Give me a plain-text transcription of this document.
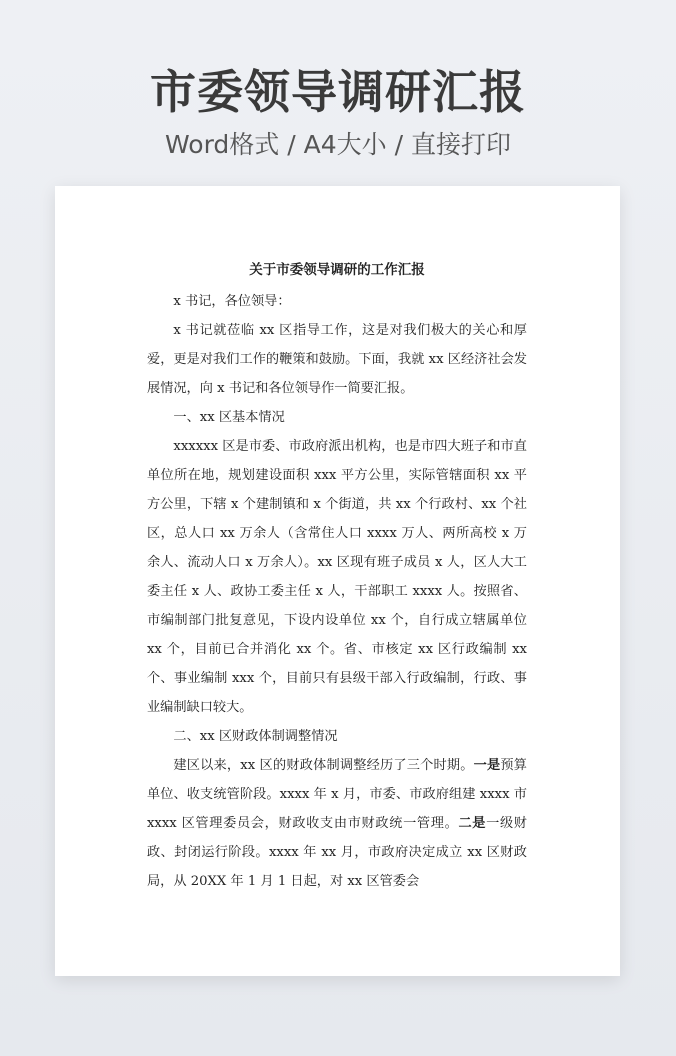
市委领导调研汇报
Word格式 / A4大小 / 直接打印
关于市委领导调研的工作汇报

x 书记，各位领导：

x 书记就莅临 xx 区指导工作，这是对我们极大的关心和厚爱，更是对我们工作的鞭策和鼓励。下面，我就 xx 区经济社会发展情况，向 x 书记和各位领导作一简要汇报。

一、xx 区基本情况

xxxxxx 区是市委、市政府派出机构，也是市四大班子和市直单位所在地，规划建设面积 xxx 平方公里，实际管辖面积 xx 平方公里，下辖 x 个建制镇和 x 个街道，共 xx 个行政村、xx 个社区，总人口 xx 万余人（含常住人口 xxxx 万人、两所高校 x 万余人、流动人口 x 万余人）。xx 区现有班子成员 x 人，区人大工委主任 x 人、政协工委主任 x 人，干部职工 xxxx 人。按照省、市编制部门批复意见，下设内设单位 xx 个，自行成立辖属单位 xx 个，目前已合并消化 xx 个。省、市核定 xx 区行政编制 xx 个、事业编制 xxx 个，目前只有县级干部入行政编制，行政、事业编制缺口较大。

二、xx 区财政体制调整情况

建区以来，xx 区的财政体制调整经历了三个时期。一是预算单位、收支统管阶段。xxxx 年 x 月，市委、市政府组建 xxxx 市 xxxx 区管理委员会，财政收支由市财政统一管理。二是一级财政、封闭运行阶段。xxxx 年 xx 月，市政府决定成立 xx 区财政局，从 20XX 年 1 月 1 日起，对 xx 区管委会
